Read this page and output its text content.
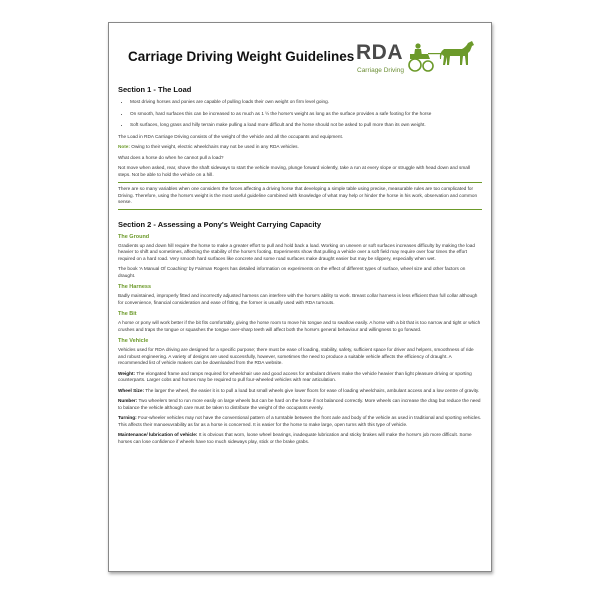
Carriage Driving Weight Guidelines RDA
Carriage Driving
Section 1 - The Load
• Most driving horses and ponies are capable of pulling loads their own weight on firm level going.
• On smooth, hard surfaces this can be increased to as much as 1 ½ the horse's weight as long as the surface provides a safe footing for the horse
• Soft surfaces, long grass and hilly terrain make pulling a load more difficult and the horse should not be asked to pull more than its own weight.

The Load in RDA Carriage Driving consists of the weight of the vehicle and all the occupants and equipment.

Note: Owing to their weight, electric wheelchairs may not be used in any RDA vehicles.

What does a horse do when he cannot pull a load?

Not move when asked, rear, shove the shaft sideways to start the vehicle moving, plunge forward violently, take a run at every slope or struggle with head down and small steps. Not be able to hold the vehicle on a hill.

There are so many variables when one considers the forces affecting a driving horse that developing a simple table using precise, measurable rules are too complicated for Driving. Therefore, using the horse's weight is the most useful guideline combined with knowledge of what may help or hinder the horse in his work, observation and common sense.

Section 2 - Assessing a Pony's Weight Carrying Capacity
The Ground

Gradients up and down hill require the horse to make a greater effort to pull and hold back a load. Working on uneven or soft surfaces increases difficulty by making the load heavier to shift and sometimes, affecting the stability of the horse's footing. Experiments show that pulling a vehicle over a soft field may require over four times the effort required on a hard road. Very smooth hard surfaces like concrete and some road surfaces make draught easier but may be slippery, especially when wet.

The book 'A Manual Of Coaching' by Fairman Rogers has detailed information on experiments on the effect of different types of surface, wheel size and other factors on draught.

The Harness

Badly maintained, improperly fitted and incorrectly adjusted harness can interfere with the horse's ability to work. Breast collar harness is less efficient than full collar although for convenience, financial consideration and ease of fitting, the former is usually used with RDA turnouts.

The Bit

A horse or pony will work better if the bit fits comfortably, giving the horse room to move his tongue and to swallow easily. A horse with a bit that is too narrow and tight or which crushes and traps the tongue or squashes the tongue over-sharp teeth will affect both the horse's general behaviour and willingness to go forward.

The Vehicle

Vehicles used for RDA driving are designed for a specific purpose; there must be ease of loading, stability, safety, sufficient space for driver and helpers, smoothness of ride and robust engineering. A variety of designs are used successfully, however, sometimes the need to produce a suitable vehicle affects the efficiency of draught. A recommended list of vehicle makers can be downloaded from the RDA website.

Weight: The elongated frame and ramps required for wheelchair use and good access for ambulant drivers make the vehicle heavier than light pleasure driving or sporting counterparts. Larger cobs and horses may be required to pull four-wheeled vehicles with rear articulation.

Wheel Size: The larger the wheel, the easier it is to pull a load but small wheels give lower floors for ease of loading wheelchairs, ambulant access and a low centre of gravity.

Number: Two wheelers tend to run more easily on large wheels but can be hard on the horse if not balanced correctly. More wheels can increase the drag but reduce the need to balance the vehicle although care must be taken to distribute the weight of the occupants evenly.

Turning: Four-wheeler vehicles may not have the conventional pattern of a turntable between the front axle and body of the vehicle as used in traditional and sporting vehicles. This affects their manoeuvrability as far as a horse is concerned. It is easier for the horse to make large, open turns with this type of vehicle.

Maintenance/ lubrication of vehicle: It is obvious that worn, loose wheel bearings, inadequate lubrication and sticky brakes will make the horse's job more difficult. Some horses can lose confidence if wheels have too much sideways play, stick or the brake grabs.
